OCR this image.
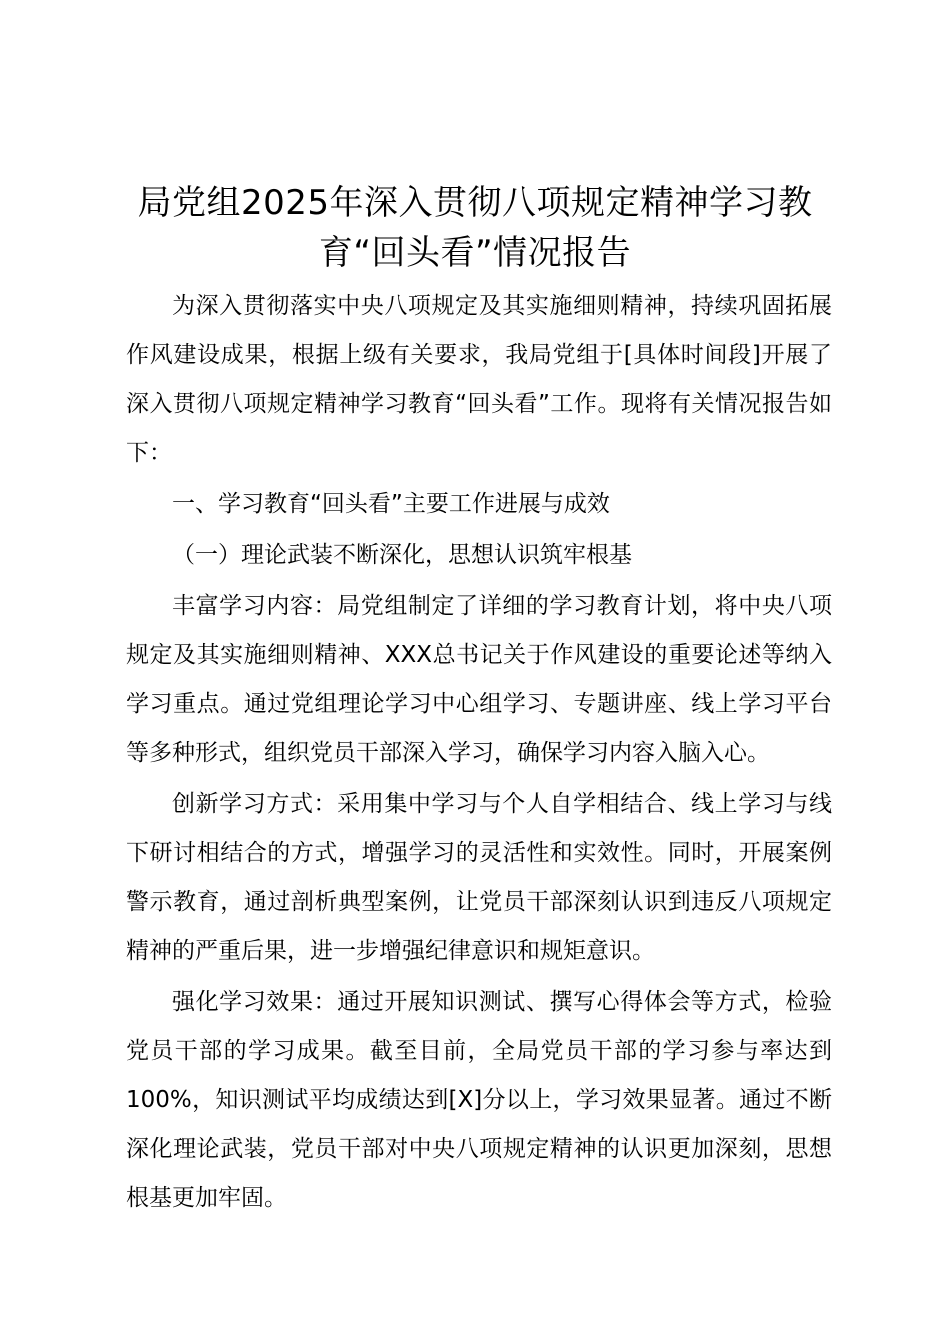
局党组2025年深入贯彻八项规定精神学习教育“回头看”情况报告

为深入贯彻落实中央八项规定及其实施细则精神，持续巩固拓展作风建设成果，根据上级有关要求，我局党组于[具体时间段]开展了深入贯彻八项规定精神学习教育“回头看”工作。现将有关情况报告如下：

一、学习教育“回头看”主要工作进展与成效

（一）理论武装不断深化，思想认识筑牢根基

丰富学习内容：局党组制定了详细的学习教育计划，将中央八项规定及其实施细则精神、XXX总书记关于作风建设的重要论述等纳入学习重点。通过党组理论学习中心组学习、专题讲座、线上学习平台等多种形式，组织党员干部深入学习，确保学习内容入脑入心。

创新学习方式：采用集中学习与个人自学相结合、线上学习与线下研讨相结合的方式，增强学习的灵活性和实效性。同时，开展案例警示教育，通过剖析典型案例，让党员干部深刻认识到违反八项规定精神的严重后果，进一步增强纪律意识和规矩意识。

强化学习效果：通过开展知识测试、撰写心得体会等方式，检验党员干部的学习成果。截至目前，全局党员干部的学习参与率达到100%，知识测试平均成绩达到[X]分以上，学习效果显著。通过不断深化理论武装，党员干部对中央八项规定精神的认识更加深刻，思想根基更加牢固。
